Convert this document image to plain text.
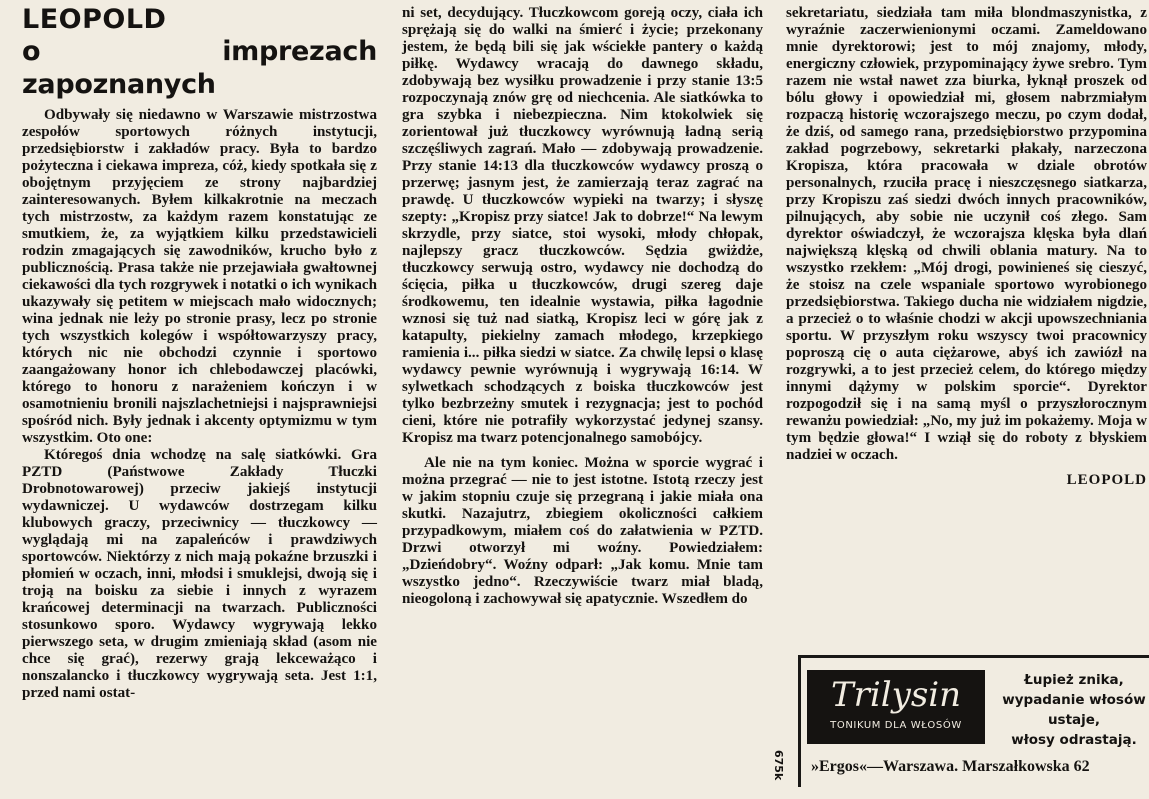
LEOPOLD
o imprezach zapoznanych

Odbywały się niedawno w Warszawie mistrzostwa zespołów sportowych różnych instytucji, przedsiębiorstw i zakładów pracy. Była to bardzo pożyteczna i ciekawa impreza, cóż, kiedy spotkała się z obojętnym przyjęciem ze strony najbardziej zainteresowanych. Byłem kilkakrotnie na meczach tych mistrzostw, za każdym razem konstatując ze smutkiem, że, za wyjątkiem kilku przedstawicieli rodzin zmagających się zawodników, krucho było z publicznością. Prasa także nie przejawiała gwałtownej ciekawości dla tych rozgrywek i notatki o ich wynikach ukazywały się petitem w miejscach mało widocznych; wina jednak nie leży po stronie prasy, lecz po stronie tych wszystkich kolegów i współtowarzyszy pracy, których nic nie obchodzi czynnie i sportowo zaangażowany honor ich chlebodawczej placówki, którego to honoru z narażeniem kończyn i w osamotnieniu bronili najszlachetniejsi i najsprawniejsi spośród nich. Były jednak i akcenty optymizmu w tym wszystkim. Oto one:

Któregoś dnia wchodzę na salę siatkówki. Gra PZTD (Państwowe Zakłady Tłuczki Drobnotowarowej) przeciw jakiejś instytucji wydawniczej. U wydawców dostrzegam kilku klubowych graczy, przeciwnicy — tłuczkowcy — wyglądają mi na zapaleńców i prawdziwych sportowców. Niektórzy z nich mają pokaźne brzuszki i płomień w oczach, inni, młodsi i smuklejsi, dwoją się i troją na boisku za siebie i innych z wyrazem krańcowej determinacji na twarzach. Publiczności stosunkowo sporo. Wydawcy wygrywają lekko pierwszego seta, w drugim zmieniają skład (asom nie chce się grać), rezerwy grają lekceważąco i nonszalancko i tłuczkowcy wygrywają seta. Jest 1:1, przed nami ostat-

ni set, decydujący. Tłuczkowcom goreją oczy, ciała ich sprężają się do walki na śmierć i życie; przekonany jestem, że będą bili się jak wściekłe pantery o każdą piłkę. Wydawcy wracają do dawnego składu, zdobywają bez wysiłku prowadzenie i przy stanie 13:5 rozpoczynają znów grę od niechcenia. Ale siatkówka to gra szybka i niebezpieczna. Nim ktokolwiek się zorientował już tłuczkowcy wyrównują ładną serią szczęśliwych zagrań. Mało — zdobywają prowadzenie. Przy stanie 14:13 dla tłuczkowców wydawcy proszą o przerwę; jasnym jest, że zamierzają teraz zagrać na prawdę. U tłuczkowców wypieki na twarzy; i słyszę szepty: „Kropisz przy siatce! Jak to dobrze!“ Na lewym skrzydle, przy siatce, stoi wysoki, młody chłopak, najlepszy gracz tłuczkowców. Sędzia gwiżdże, tłuczkowcy serwują ostro, wydawcy nie dochodzą do ścięcia, piłka u tłuczkowców, drugi szereg daje środkowemu, ten idealnie wystawia, piłka łagodnie wznosi się tuż nad siatką, Kropisz leci w górę jak z katapulty, piekielny zamach młodego, krzepkiego ramienia i... piłka siedzi w siatce. Za chwilę lepsi o klasę wydawcy pewnie wyrównują i wygrywają 16:14. W sylwetkach schodzących z boiska tłuczkowców jest tylko bezbrzeżny smutek i rezygnacja; jest to pochód cieni, które nie potrafiły wykorzystać jedynej szansy. Kropisz ma twarz potencjonalnego samobójcy.

Ale nie na tym koniec. Można w sporcie wygrać i można przegrać — nie to jest istotne. Istotą rzeczy jest w jakim stopniu czuje się przegraną i jakie miała ona skutki. Nazajutrz, zbiegiem okoliczności całkiem przypadkowym, miałem coś do załatwienia w PZTD. Drzwi otworzył mi woźny. Powiedziałem: „Dzieńdobry“. Woźny odparł: „Jak komu. Mnie tam wszystko jedno“. Rzeczywiście twarz miał bladą, nieogoloną i zachowywał się apatycznie. Wszedłem do

sekretariatu, siedziała tam miła blondmaszynistka, z wyraźnie zaczerwienionymi oczami. Zameldowano mnie dyrektorowi; jest to mój znajomy, młody, energiczny człowiek, przypominający żywe srebro. Tym razem nie wstał nawet zza biurka, łyknął proszek od bólu głowy i opowiedział mi, głosem nabrzmiałym rozpaczą historię wczorajszego meczu, po czym dodał, że dziś, od samego rana, przedsiębiorstwo przypomina zakład pogrzebowy, sekretarki płakały, narzeczona Kropisza, która pracowała w dziale obrotów personalnych, rzuciła pracę i nieszczęsnego siatkarza, przy Kropiszu zaś siedzi dwóch innych pracowników, pilnujących, aby sobie nie uczynił coś złego. Sam dyrektor oświadczył, że wczorajsza klęska była dlań największą klęską od chwili oblania matury. Na to wszystko rzekłem: „Mój drogi, powinieneś się cieszyć, że stoisz na czele wspaniale sportowo wyrobionego przedsiębiorstwa. Takiego ducha nie widziałem nigdzie, a przecież o to właśnie chodzi w akcji upowszechniania sportu. W przyszłym roku wszyscy twoi pracownicy poproszą cię o auta ciężarowe, abyś ich zawiózł na rozgrywki, a to jest przecież celem, do którego między innymi dążymy w polskim sporcie“. Dyrektor rozpogodził się i na samą myśl o przyszłorocznym rewanżu powiedział: „No, my już im pokażemy. Moja w tym będzie głowa!“ I wziął się do roboty z błyskiem nadziei w oczach.

LEOPOLD
Trilysin
TONIKUM DLA WŁOSÓW
Łupież znika,
wypadanie włosów
ustaje,
włosy odrastają.
675k »Ergos«—Warszawa. Marszałkowska 62
